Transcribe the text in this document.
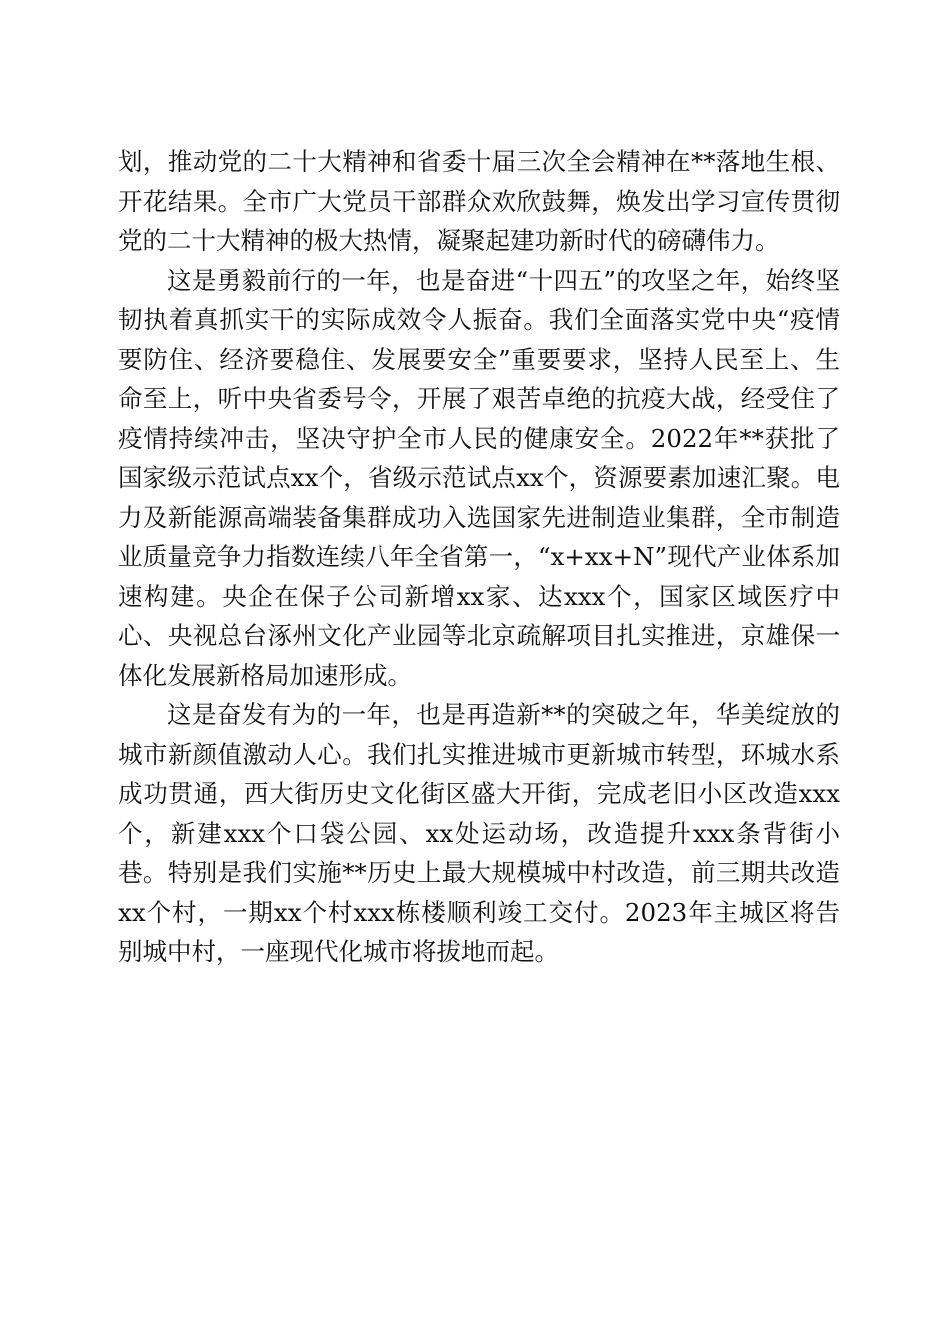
划，推动党的二十大精神和省委十届三次全会精神在**落地生根、开花结果。全市广大党员干部群众欢欣鼓舞，焕发出学习宣传贯彻党的二十大精神的极大热情，凝聚起建功新时代的磅礴伟力。

这是勇毅前行的一年，也是奋进“十四五”的攻坚之年，始终坚韧执着真抓实干的实际成效令人振奋。我们全面落实党中央“疫情要防住、经济要稳住、发展要安全”重要要求，坚持人民至上、生命至上，听中央省委号令，开展了艰苦卓绝的抗疫大战，经受住了疫情持续冲击，坚决守护全市人民的健康安全。2022年**获批了国家级示范试点xx个，省级示范试点xx个，资源要素加速汇聚。电力及新能源高端装备集群成功入选国家先进制造业集群，全市制造业质量竞争力指数连续八年全省第一，“x+xx+N”现代产业体系加速构建。央企在保子公司新增xx家、达xxx个，国家区域医疗中心、央视总台涿州文化产业园等北京疏解项目扎实推进，京雄保一体化发展新格局加速形成。

这是奋发有为的一年，也是再造新**的突破之年，华美绽放的城市新颜值激动人心。我们扎实推进城市更新城市转型，环城水系成功贯通，西大街历史文化街区盛大开街，完成老旧小区改造xxx个，新建xxx个口袋公园、xx处运动场，改造提升xxx条背街小巷。特别是我们实施**历史上最大规模城中村改造，前三期共改造xx个村，一期xx个村xxx栋楼顺利竣工交付。2023年主城区将告别城中村，一座现代化城市将拔地而起。
